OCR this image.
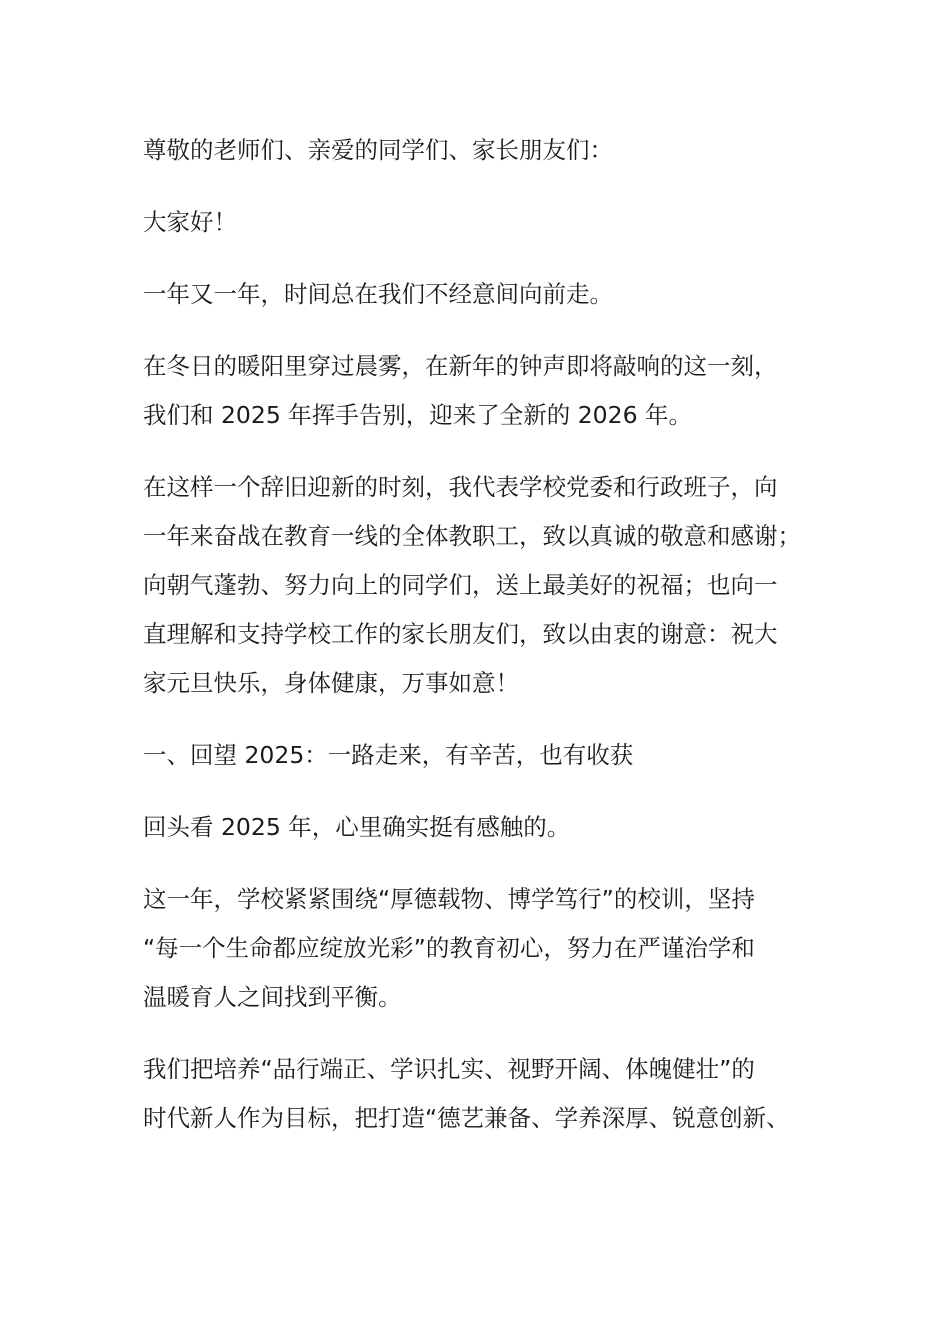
尊敬的老师们、亲爱的同学们、家长朋友们：

大家好！

一年又一年，时间总在我们不经意间向前走。

在冬日的暖阳里穿过晨雾，在新年的钟声即将敲响的这一刻，
我们和 2025 年挥手告别，迎来了全新的 2026 年。

在这样一个辞旧迎新的时刻，我代表学校党委和行政班子，向
一年来奋战在教育一线的全体教职工，致以真诚的敬意和感谢；
向朝气蓬勃、努力向上的同学们，送上最美好的祝福；也向一
直理解和支持学校工作的家长朋友们，致以由衷的谢意：祝大
家元旦快乐，身体健康，万事如意！

一、回望 2025：一路走来，有辛苦，也有收获

回头看 2025 年，心里确实挺有感触的。

这一年，学校紧紧围绕“厚德载物、博学笃行”的校训，坚持
“每一个生命都应绽放光彩”的教育初心，努力在严谨治学和
温暖育人之间找到平衡。

我们把培养“品行端正、学识扎实、视野开阔、体魄健壮”的
时代新人作为目标，把打造“德艺兼备、学养深厚、锐意创新、
